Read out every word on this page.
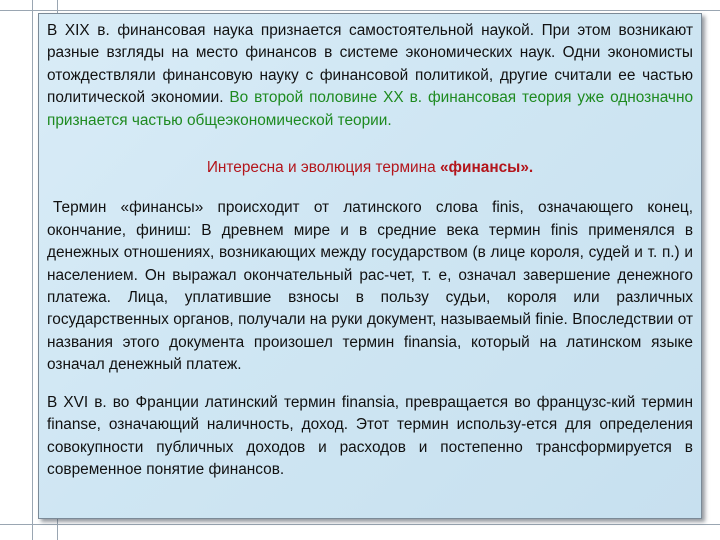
В XIX в. финансовая наука признается самостоятельной наукой. При этом возникают разные взгляды на место финансов в системе экономических наук. Одни экономисты отождествляли финансовую науку с финансовой политикой, другие считали ее частью политической экономии. Во второй половине XX в. финансовая теория уже однозначно признается частью общеэкономической теории.

Интересна и эволюция термина «финансы».

Термин «финансы» происходит от латинского слова finis, означающего конец, окончание, финиш: В древнем мире и в средние века термин finis применялся в денежных отношениях, возникающих между государством (в лице короля, судей и т. п.) и населением. Он выражал окончательный рас-чет, т. е, означал завершение денежного платежа. Лица, уплатившие взносы в пользу судьи, короля или различных государственных органов, получали на руки документ, называемый finie. Впоследствии от названия этого документа произошел термин finansia, который на латинском языке означал денежный платеж.

В XVI в. во Франции латинский термин finansia, превращается во французс-кий термин finanse, означающий наличность, доход. Этот термин использу-ется для определения совокупности публичных доходов и расходов и постепенно трансформируется в современное понятие финансов.
